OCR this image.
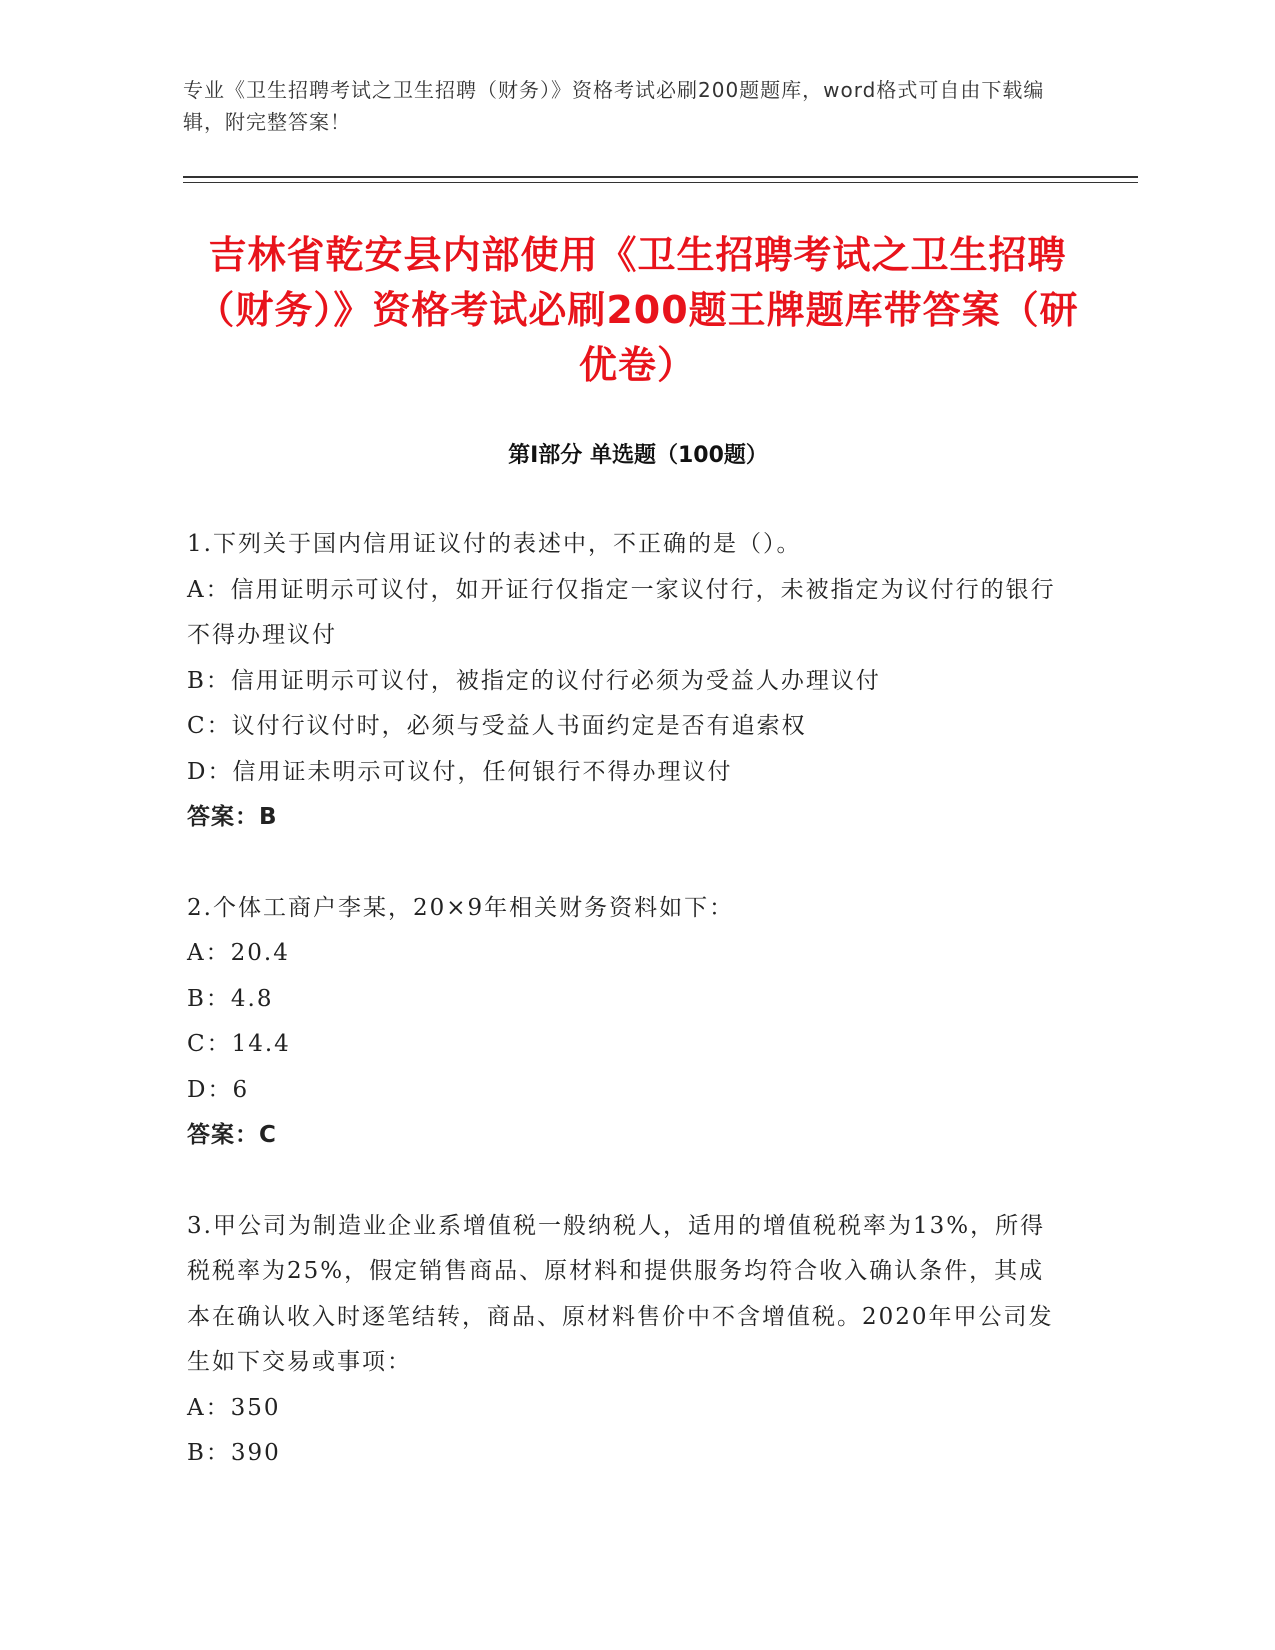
专业《卫生招聘考试之卫生招聘（财务）》资格考试必刷200题题库，word格式可自由下载编辑，附完整答案！
吉林省乾安县内部使用《卫生招聘考试之卫生招聘（财务）》资格考试必刷200题王牌题库带答案（研优卷）
第Ⅰ部分 单选题（100题）

1.下列关于国内信用证议付的表述中，不正确的是（）。

A：信用证明示可议付，如开证行仅指定一家议付行，未被指定为议付行的银行不得办理议付

B：信用证明示可议付，被指定的议付行必须为受益人办理议付

C：议付行议付时，必须与受益人书面约定是否有追索权

D：信用证未明示可议付，任何银行不得办理议付

答案：B

2.个体工商户李某，20×9年相关财务资料如下：

A：20.4

B：4.8

C：14.4

D：6

答案：C

3.甲公司为制造业企业系增值税一般纳税人，适用的增值税税率为13%，所得税税率为25%，假定销售商品、原材料和提供服务均符合收入确认条件，其成本在确认收入时逐笔结转，商品、原材料售价中不含增值税。2020年甲公司发生如下交易或事项：

A：350

B：390
